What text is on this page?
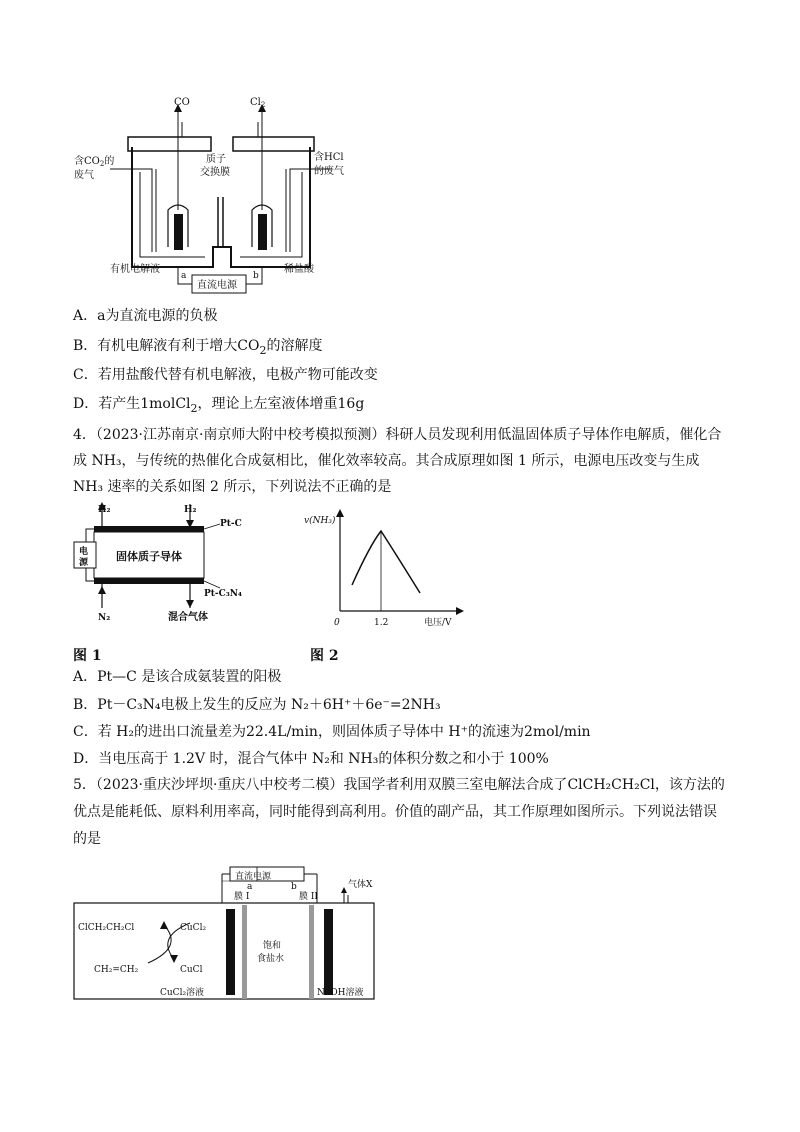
CO	$Cl_2$
含$CO_2$的
废气
质子
交换膜
含HCl
的废气
有机电解液	稀盐酸
a	b
直流电源
A．a为直流电源的负极
B．有机电解液有利于增大$CO_2$的溶解度
C．若用盐酸代替有机电解液，电极产物可能改变
D．若产生1molCl$_2$，理论上左室液体增重16g
4．（2023·江苏南京·南京师大附中校考模拟预测）科研人员发现利用低温固体质子导体作电解质，催化合成 NH₃，与传统的热催化合成氨相比，催化效率较高。其合成原理如图 1 所示，电源电压改变与生成 NH₃ 速率的关系如图 2 所示，下列说法不正确的是
H₂	H₂
Pt-C
电
源	固体质子导体
Pt-C₃N₄
N₂	混合气体
图 1
v(NH₃)
0	1.2	电压/V
图 2
A．Pt—C 是该合成氨装置的阳极
B．Pt－C₃N₄电极上发生的反应为 N₂＋6H⁺＋6e⁻=2NH₃
C．若 H₂的进出口流量差为22.4L/min，则固体质子导体中 H⁺的流速为2mol/min
D．当电压高于 1.2V 时，混合气体中 N₂和 NH₃的体积分数之和小于 100%
5．（2023·重庆沙坪坝·重庆八中校考二模）我国学者利用双膜三室电解法合成了ClCH₂CH₂Cl，该方法的优点是能耗低、原料利用率高，同时能得到高利用。价值的副产品，其工作原理如图所示。下列说法错误的是
直流电源
a	b	气体X
膜 I	膜 II
ClCH₂CH₂Cl	CuCl₂
CH₂=CH₂	CuCl
饱和
食盐水
CuCl₂溶液	NaOH溶液
